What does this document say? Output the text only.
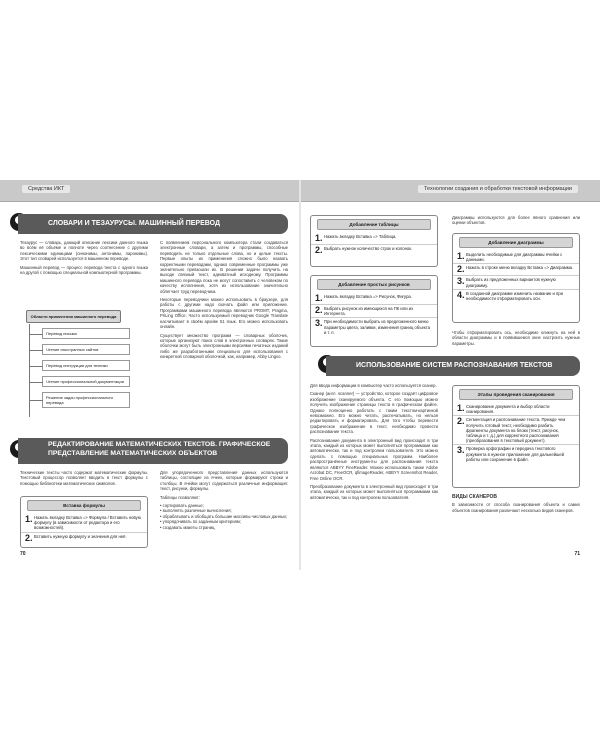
Средства ИКТ	Технологии создания и обработки текстовой информации
СЛОВАРИ И ТЕЗАУРУСЫ. МАШИННЫЙ ПЕРЕВОД

Тезаурус — словарь, дающий описание лексики данного языка во всём её объёме и полноте через соотнесение с другими лексическими единицами (синонимы, антонимы, паронимы). Этот тип словарей используется в машинном переводе.

Машинный перевод — процесс перевода текста с одного языка на другой с помощью специальной компьютерной программы.

Области применения машинного перевода
Перевод письма
Чтение иностранных сайтов
Перевод инструкции для техники
Чтение профессиональной документации
Решение задач профессионального перевода

С появлением персонального компьютера стали создаваться электронные словари, а затем и программы, способные переводить не только отдельные слова, но и целые тексты. Первые опыты их применения сложно было назвать корректными переводами, однако современные программы уже значительно превзошли их. В решении задачи получить на выходе связный текст, адекватный исходному. Программы машинного перевода пока не могут сопоставить с человеком по качеству исполнения, хотя их использование значительно облегчает труд переводчика.

Некоторые переводчики можно использовать в браузере, для работы с другими надо скачать файл или приложение. Программами машинного перевода являются PROMT, Pragma, PriLing Office. Часто используемый переводчик Google Translate насчитывает в своём архиве 51 язык. Его можно использовать онлайн.

Существует множество программ — словарных оболочек, которые организуют поиск слов в электронных словарях. Такие оболочки могут быть электронными версиями печатных изданий либо же разработанными специально для использования с конкретной словарной оболочкой, как, например, Abby Lingvo.

РЕДАКТИРОВАНИЕ МАТЕМАТИЧЕСКИХ ТЕКСТОВ. ГРАФИЧЕСКОЕ ПРЕДСТАВЛЕНИЕ МАТЕМАТИЧЕСКИХ ОБЪЕКТОВ

Технические тексты часто содержат математические формулы. Текстовый процессор позволяет вводить в текст формулы с помощью библиотеки математических символов.

Вставка формулы
1. Нажать вкладку Вставка => Формула / Вставить новую формулу (в зависимости от редактора и его возможностей).
2. Вставить нужную формулу и значения для неё.

Для упорядоченного представления данных используются таблицы, состоящие из ячеек, которые формируют строки и столбцы. В ячейки могут содержаться различные информация: текст, рисунки, формулы.

Таблицы позволяют:

• сортировать данные;
• выполнять различные вычисления;
• обрабатывать и обобщать большие массивы числовых данных;
• упорядочивать по заданным критериям;
• создавать макеты страниц.
70
Добавление таблицы
1. Нажать вкладку Вставка => Таблица.
2. Выбрать нужное количество строк и колонок.
Добавление простых рисунков
1. Нажать вкладку Вставка => Рисунок, Фигура.
2. Выбрать рисунок из имеющихся на ПК или из Интернета.
3. При необходимости выбрать из предложенного меню параметры цвета, заливки, изменения границ объекта и т. п.

Диаграммы используются для более явного сравнения или оценки объектов.

Добавление диаграммы
1. Выделить необходимые для диаграммы ячейки с данными.
2. Нажать в строке меню вкладку Вставка => Диаграмма.
3. Выбрать из предложенных вариантов нужную диаграмму.
4. В созданной диаграмме изменить название и при необходимости отформатировать оси.

Чтобы отформатировать ось, необходимо кликнуть на ней в области диаграммы и в появившемся окне настроить нужные параметры.

ИСПОЛЬЗОВАНИЕ СИСТЕМ РАСПОЗНАВАНИЯ ТЕКСТОВ

Для ввода информации в компьютер часто используется сканер.

Сканер (англ. scanner) — устройство, которое создаёт цифровое изображение сканируемого объекта. С его помощью можно получить изображение страницы текста в графическом файле. Однако полноценно работать с таким текстом-картинкой невозможно. Его можно читать, распечатывать, но нельзя редактировать и форматировать. Для того чтобы перевести графическое изображение в текст, необходимо провести распознавание текста.

Распознавание документа в электронный вид происходит в три этапа, каждый из которых может выполняться программами как автоматически, так и под контролем пользователя. Это можно сделать с помощью специальных программ. Наиболее распространённые инструменты для распознавания текста являются ABBYY FineReader. Можно использовать также Adobe Acrobat DC, FreeOCR, qfimageReader, ABBYY Screenshot Reader, Free Online OCR.

Преобразование документа в электронный вид происходит в три этапа, каждый из которых может выполняться программами как автоматически, так и под контролем пользователя.

Этапы проведения сканирования
1. Сканирование документа и выбор области сканирования.
2. Сегментация и распознавание текста. Прежде чем получить готовый текст, необходимо разбить фрагменты документа на блоки (текст, рисунок, таблица и т. д.) для корректного распознавания (преобразования в текстовый документ).
3. Проверка орфографии и передача текстового документа в нужное приложение для дальнейшей работы или сохранение в файл.

ВИДЫ СКАНЕРОВ

В зависимости от способа сканирования объекта и самих объектов сканирования различают несколько видов сканеров.

71
